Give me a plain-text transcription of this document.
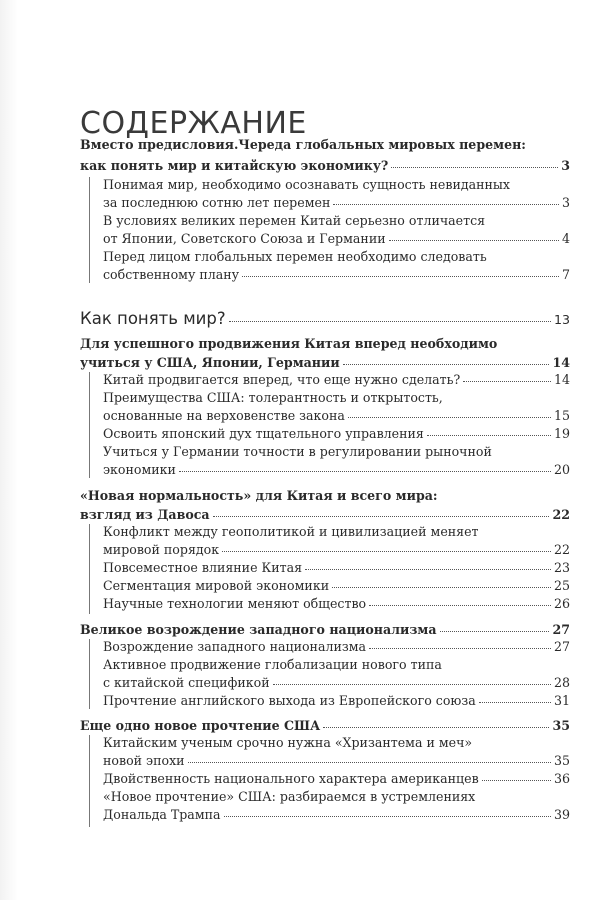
СОДЕРЖАНИЕ
Вместо предисловия.Череда глобальных мировых перемен:
как понять мир и китайскую экономику?	3
Понимая мир, необходимо осознавать сущность невиданных
за последнюю сотню лет перемен	3
В условиях великих перемен Китай серьезно отличается
от Японии, Советского Союза и Германии	4
Перед лицом глобальных перемен необходимо следовать
собственному плану	7
Как понять мир?	13
Для успешного продвижения Китая вперед необходимо
учиться у США, Японии, Германии	14
Китай продвигается вперед, что еще нужно сделать?	14
Преимущества США: толерантность и открытость,
основанные на верховенстве закона	15
Освоить японский дух тщательного управления	19
Учиться у Германии точности в регулировании рыночной
экономики	20
«Новая нормальность» для Китая и всего мира:
взгляд из Давоса	22
Конфликт между геополитикой и цивилизацией меняет
мировой порядок	22
Повсеместное влияние Китая	23
Сегментация мировой экономики	25
Научные технологии меняют общество	26
Великое возрождение западного национализма	27
Возрождение западного национализма	27
Активное продвижение глобализации нового типа
с китайской спецификой	28
Прочтение английского выхода из Европейского союза	31
Еще одно новое прочтение США	35
Китайским ученым срочно нужна «Хризантема и меч»
новой эпохи	35
Двойственность национального характера американцев	36
«Новое прочтение» США: разбираемся в устремлениях
Дональда Трампа	39
